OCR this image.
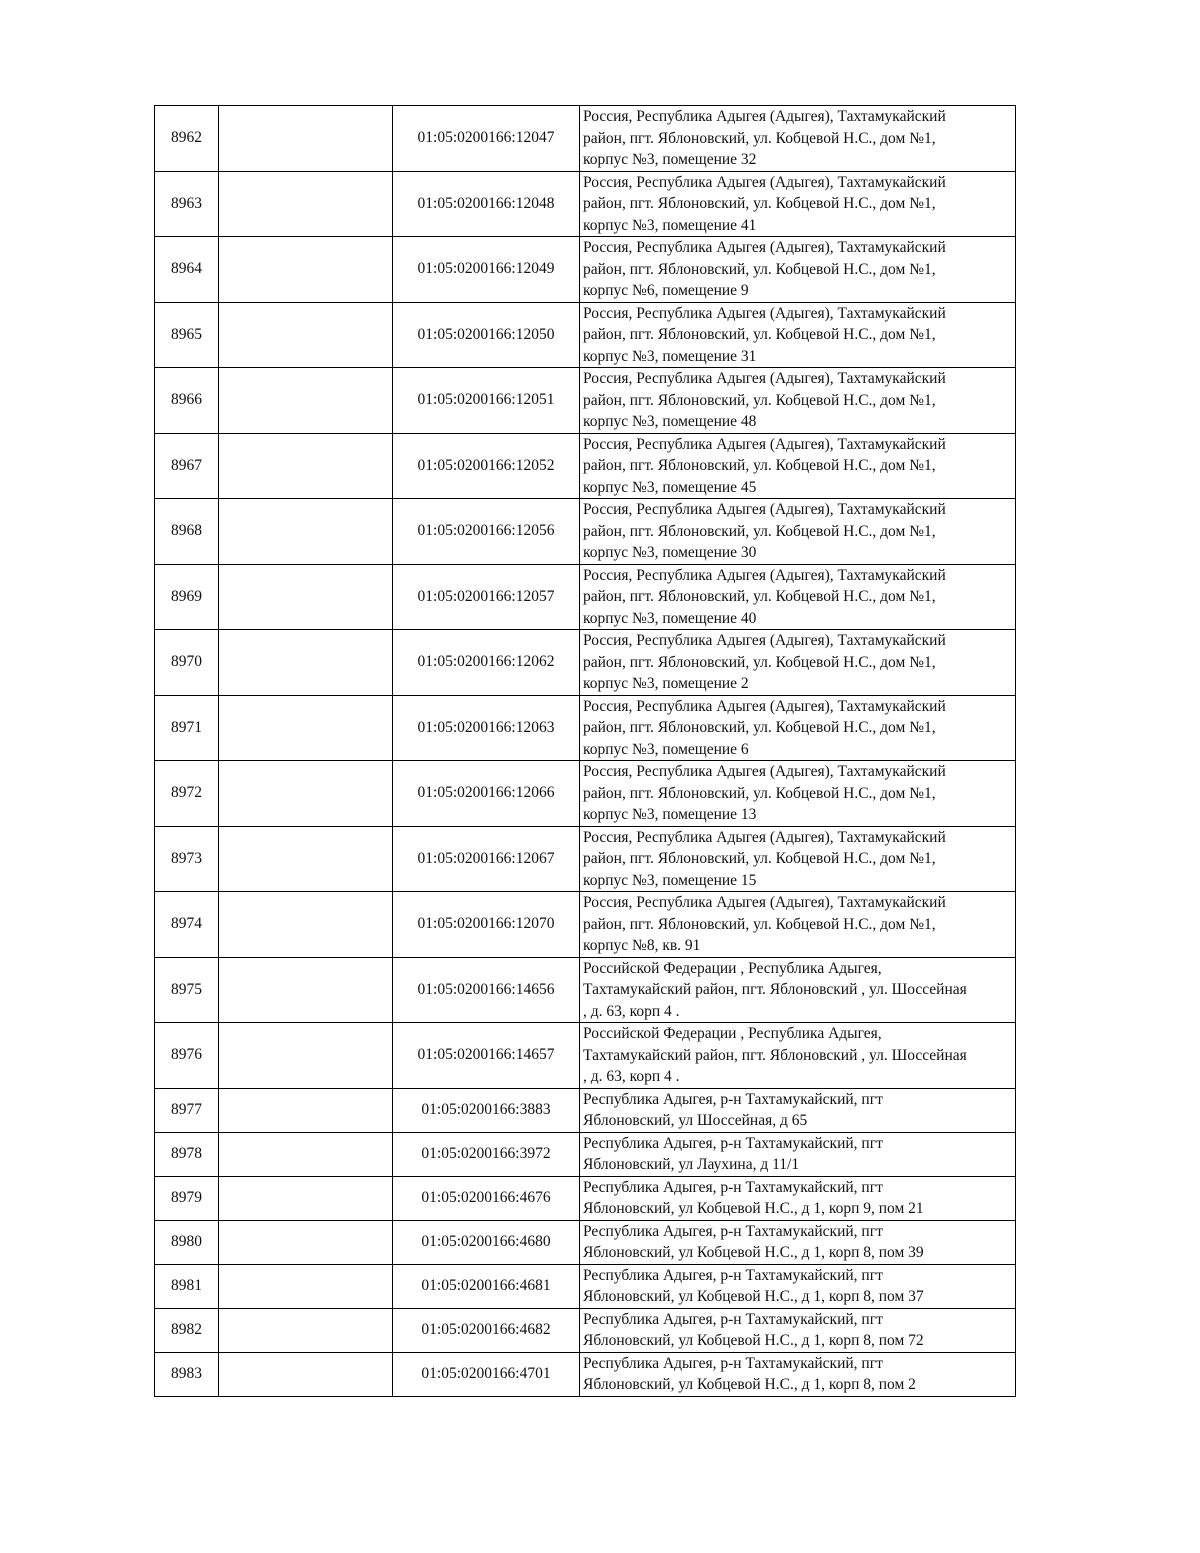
8962		01:05:0200166:12047	Россия, Республика Адыгея (Адыгея), Тахтамукайский
район, пгт. Яблоновский, ул. Кобцевой Н.С., дом №1,
корпус №3, помещение 32
8963		01:05:0200166:12048	Россия, Республика Адыгея (Адыгея), Тахтамукайский
район, пгт. Яблоновский, ул. Кобцевой Н.С., дом №1,
корпус №3, помещение 41
8964		01:05:0200166:12049	Россия, Республика Адыгея (Адыгея), Тахтамукайский
район, пгт. Яблоновский, ул. Кобцевой Н.С., дом №1,
корпус №6, помещение 9
8965		01:05:0200166:12050	Россия, Республика Адыгея (Адыгея), Тахтамукайский
район, пгт. Яблоновский, ул. Кобцевой Н.С., дом №1,
корпус №3, помещение 31
8966		01:05:0200166:12051	Россия, Республика Адыгея (Адыгея), Тахтамукайский
район, пгт. Яблоновский, ул. Кобцевой Н.С., дом №1,
корпус №3, помещение 48
8967		01:05:0200166:12052	Россия, Республика Адыгея (Адыгея), Тахтамукайский
район, пгт. Яблоновский, ул. Кобцевой Н.С., дом №1,
корпус №3, помещение 45
8968		01:05:0200166:12056	Россия, Республика Адыгея (Адыгея), Тахтамукайский
район, пгт. Яблоновский, ул. Кобцевой Н.С., дом №1,
корпус №3, помещение 30
8969		01:05:0200166:12057	Россия, Республика Адыгея (Адыгея), Тахтамукайский
район, пгт. Яблоновский, ул. Кобцевой Н.С., дом №1,
корпус №3, помещение 40
8970		01:05:0200166:12062	Россия, Республика Адыгея (Адыгея), Тахтамукайский
район, пгт. Яблоновский, ул. Кобцевой Н.С., дом №1,
корпус №3, помещение 2
8971		01:05:0200166:12063	Россия, Республика Адыгея (Адыгея), Тахтамукайский
район, пгт. Яблоновский, ул. Кобцевой Н.С., дом №1,
корпус №3, помещение 6
8972		01:05:0200166:12066	Россия, Республика Адыгея (Адыгея), Тахтамукайский
район, пгт. Яблоновский, ул. Кобцевой Н.С., дом №1,
корпус №3, помещение 13
8973		01:05:0200166:12067	Россия, Республика Адыгея (Адыгея), Тахтамукайский
район, пгт. Яблоновский, ул. Кобцевой Н.С., дом №1,
корпус №3, помещение 15
8974		01:05:0200166:12070	Россия, Республика Адыгея (Адыгея), Тахтамукайский
район, пгт. Яблоновский, ул. Кобцевой Н.С., дом №1,
корпус №8, кв. 91
8975		01:05:0200166:14656	Российской Федерации , Республика Адыгея,
Тахтамукайский район, пгт. Яблоновский , ул. Шоссейная
, д. 63, корп 4 .
8976		01:05:0200166:14657	Российской Федерации , Республика Адыгея,
Тахтамукайский район, пгт. Яблоновский , ул. Шоссейная
, д. 63, корп 4 .
8977		01:05:0200166:3883	Республика Адыгея, р-н Тахтамукайский, пгт
Яблоновский, ул Шоссейная, д 65
8978		01:05:0200166:3972	Республика Адыгея, р-н Тахтамукайский, пгт
Яблоновский, ул Лаухина, д 11/1
8979		01:05:0200166:4676	Республика Адыгея, р-н Тахтамукайский, пгт
Яблоновский, ул Кобцевой Н.С., д 1, корп 9, пом 21
8980		01:05:0200166:4680	Республика Адыгея, р-н Тахтамукайский, пгт
Яблоновский, ул Кобцевой Н.С., д 1, корп 8, пом 39
8981		01:05:0200166:4681	Республика Адыгея, р-н Тахтамукайский, пгт
Яблоновский, ул Кобцевой Н.С., д 1, корп 8, пом 37
8982		01:05:0200166:4682	Республика Адыгея, р-н Тахтамукайский, пгт
Яблоновский, ул Кобцевой Н.С., д 1, корп 8, пом 72
8983		01:05:0200166:4701	Республика Адыгея, р-н Тахтамукайский, пгт
Яблоновский, ул Кобцевой Н.С., д 1, корп 8, пом 2
